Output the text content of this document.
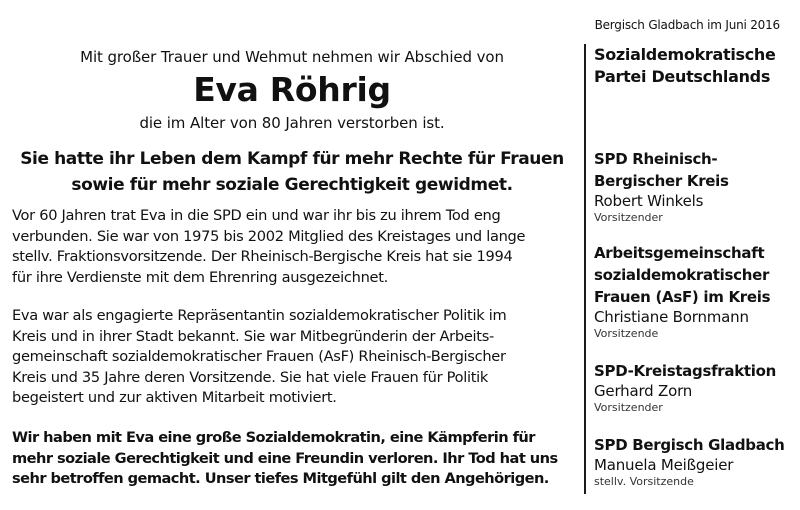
Mit großer Trauer und Wehmut nehmen wir Abschied von
Eva Röhrig
die im Alter von 80 Jahren verstorben ist.
Sie hatte ihr Leben dem Kampf für mehr Rechte für Frauen
sowie für mehr soziale Gerechtigkeit gewidmet.
Vor 60 Jahren trat Eva in die SPD ein und war ihr bis zu ihrem Tod eng
verbunden. Sie war von 1975 bis 2002 Mitglied des Kreistages und lange
stellv. Fraktionsvorsitzende. Der Rheinisch-Bergische Kreis hat sie 1994
für ihre Verdienste mit dem Ehrenring ausgezeichnet.
Eva war als engagierte Repräsentantin sozialdemokratischer Politik im
Kreis und in ihrer Stadt bekannt. Sie war Mitbegründerin der Arbeits-
gemeinschaft sozialdemokratischer Frauen (AsF) Rheinisch-Bergischer
Kreis und 35 Jahre deren Vorsitzende. Sie hat viele Frauen für Politik
begeistert und zur aktiven Mitarbeit motiviert.
Wir haben mit Eva eine große Sozialdemokratin, eine Kämpferin für
mehr soziale Gerechtigkeit und eine Freundin verloren. Ihr Tod hat uns
sehr betroffen gemacht. Unser tiefes Mitgefühl gilt den Angehörigen.
Bergisch Gladbach im Juni 2016
Sozialdemokratische
Partei Deutschlands
SPD Rheinisch-
Bergischer Kreis
Robert Winkels
Vorsitzender
Arbeitsgemeinschaft
sozialdemokratischer
Frauen (AsF) im Kreis
Christiane Bornmann
Vorsitzende
SPD-Kreistagsfraktion
Gerhard Zorn
Vorsitzender
SPD Bergisch Gladbach
Manuela Meißgeier
stellv. Vorsitzende
